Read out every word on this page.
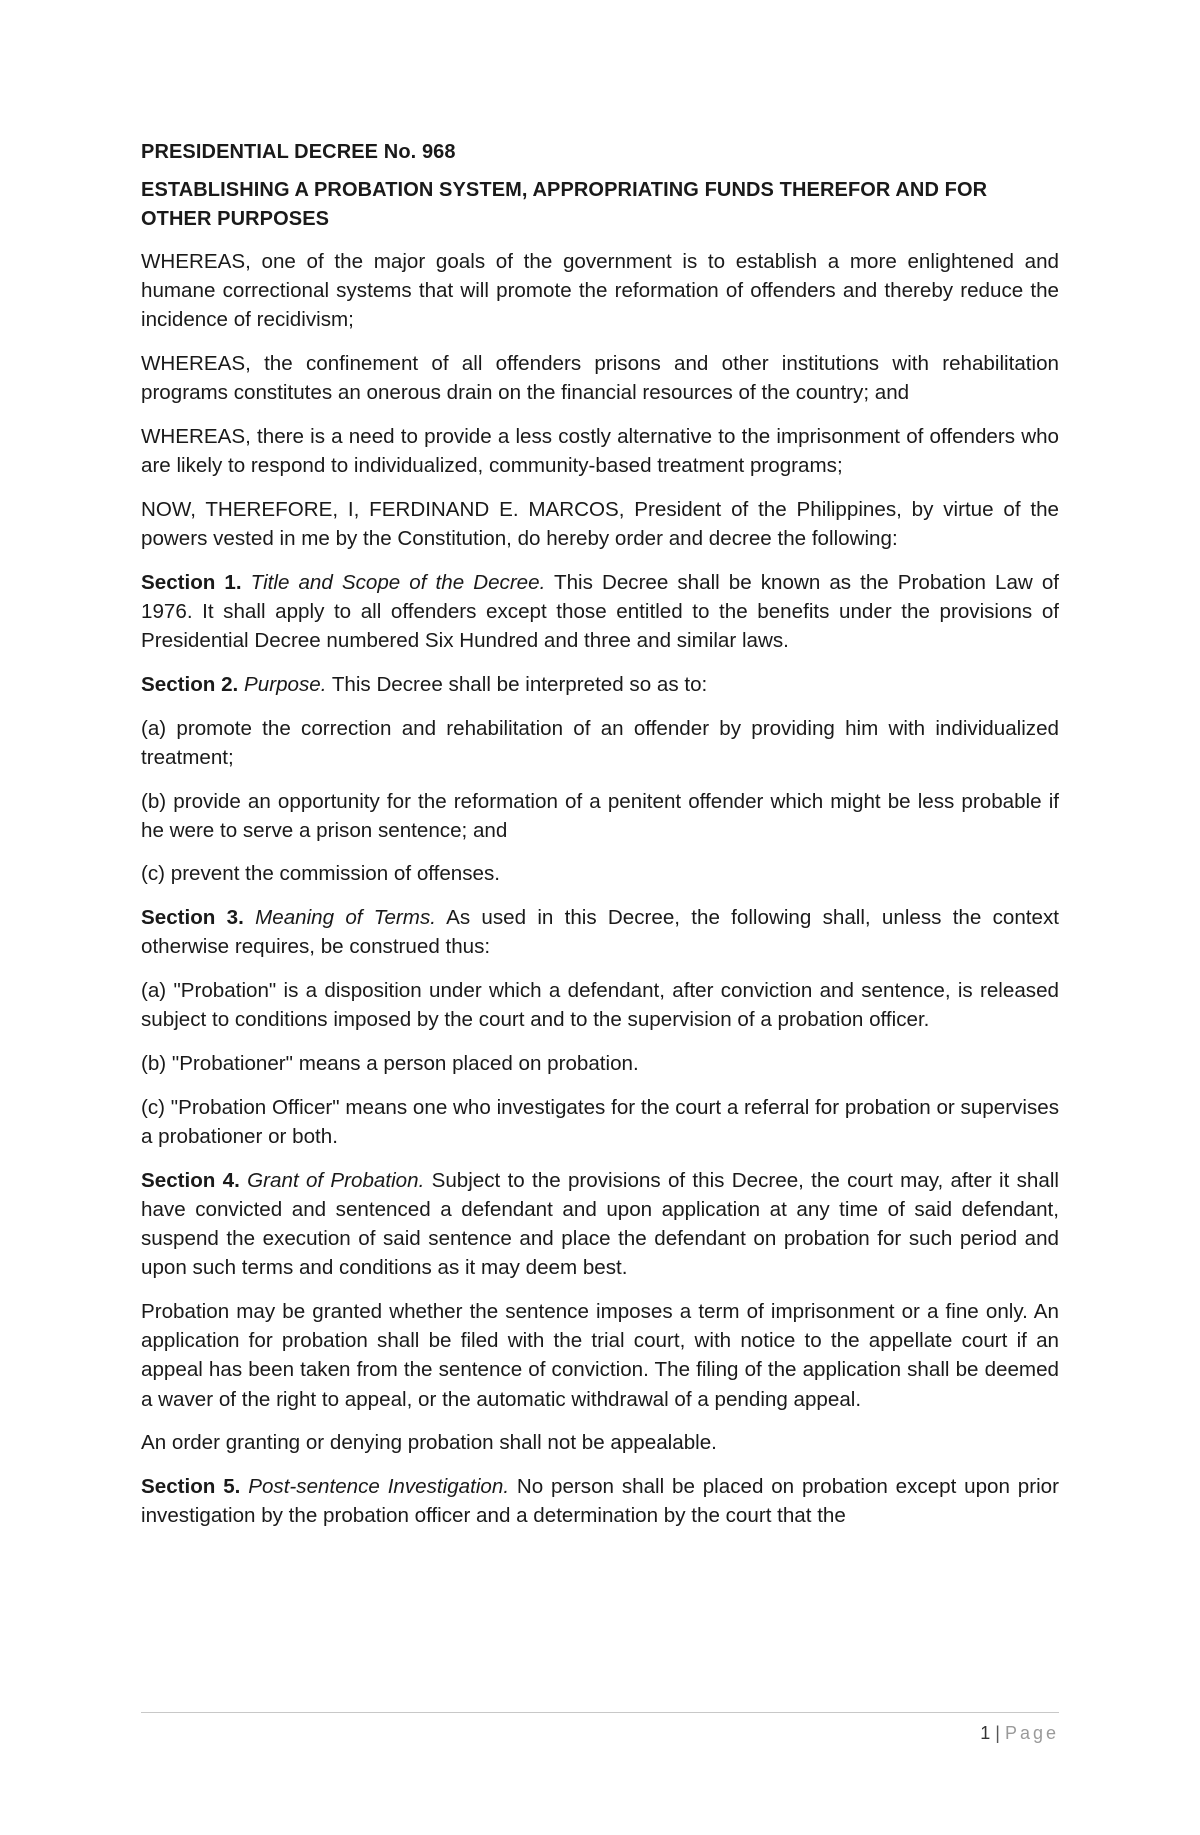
PRESIDENTIAL DECREE No. 968
ESTABLISHING A PROBATION SYSTEM, APPROPRIATING FUNDS THEREFOR AND FOR OTHER PURPOSES

WHEREAS, one of the major goals of the government is to establish a more enlightened and humane correctional systems that will promote the reformation of offenders and thereby reduce the incidence of recidivism;

WHEREAS, the confinement of all offenders prisons and other institutions with rehabilitation programs constitutes an onerous drain on the financial resources of the country; and

WHEREAS, there is a need to provide a less costly alternative to the imprisonment of offenders who are likely to respond to individualized, community-based treatment programs;

NOW, THEREFORE, I, FERDINAND E. MARCOS, President of the Philippines, by virtue of the powers vested in me by the Constitution, do hereby order and decree the following:

Section 1. Title and Scope of the Decree. This Decree shall be known as the Probation Law of 1976. It shall apply to all offenders except those entitled to the benefits under the provisions of Presidential Decree numbered Six Hundred and three and similar laws.

Section 2. Purpose. This Decree shall be interpreted so as to:

(a) promote the correction and rehabilitation of an offender by providing him with individualized treatment;

(b) provide an opportunity for the reformation of a penitent offender which might be less probable if he were to serve a prison sentence; and

(c) prevent the commission of offenses.

Section 3. Meaning of Terms. As used in this Decree, the following shall, unless the context otherwise requires, be construed thus:

(a) "Probation" is a disposition under which a defendant, after conviction and sentence, is released subject to conditions imposed by the court and to the supervision of a probation officer.

(b) "Probationer" means a person placed on probation.

(c) "Probation Officer" means one who investigates for the court a referral for probation or supervises a probationer or both.

Section 4. Grant of Probation. Subject to the provisions of this Decree, the court may, after it shall have convicted and sentenced a defendant and upon application at any time of said defendant, suspend the execution of said sentence and place the defendant on probation for such period and upon such terms and conditions as it may deem best.

Probation may be granted whether the sentence imposes a term of imprisonment or a fine only. An application for probation shall be filed with the trial court, with notice to the appellate court if an appeal has been taken from the sentence of conviction. The filing of the application shall be deemed a waver of the right to appeal, or the automatic withdrawal of a pending appeal.

An order granting or denying probation shall not be appealable.

Section 5. Post-sentence Investigation. No person shall be placed on probation except upon prior investigation by the probation officer and a determination by the court that the

1 | Page
